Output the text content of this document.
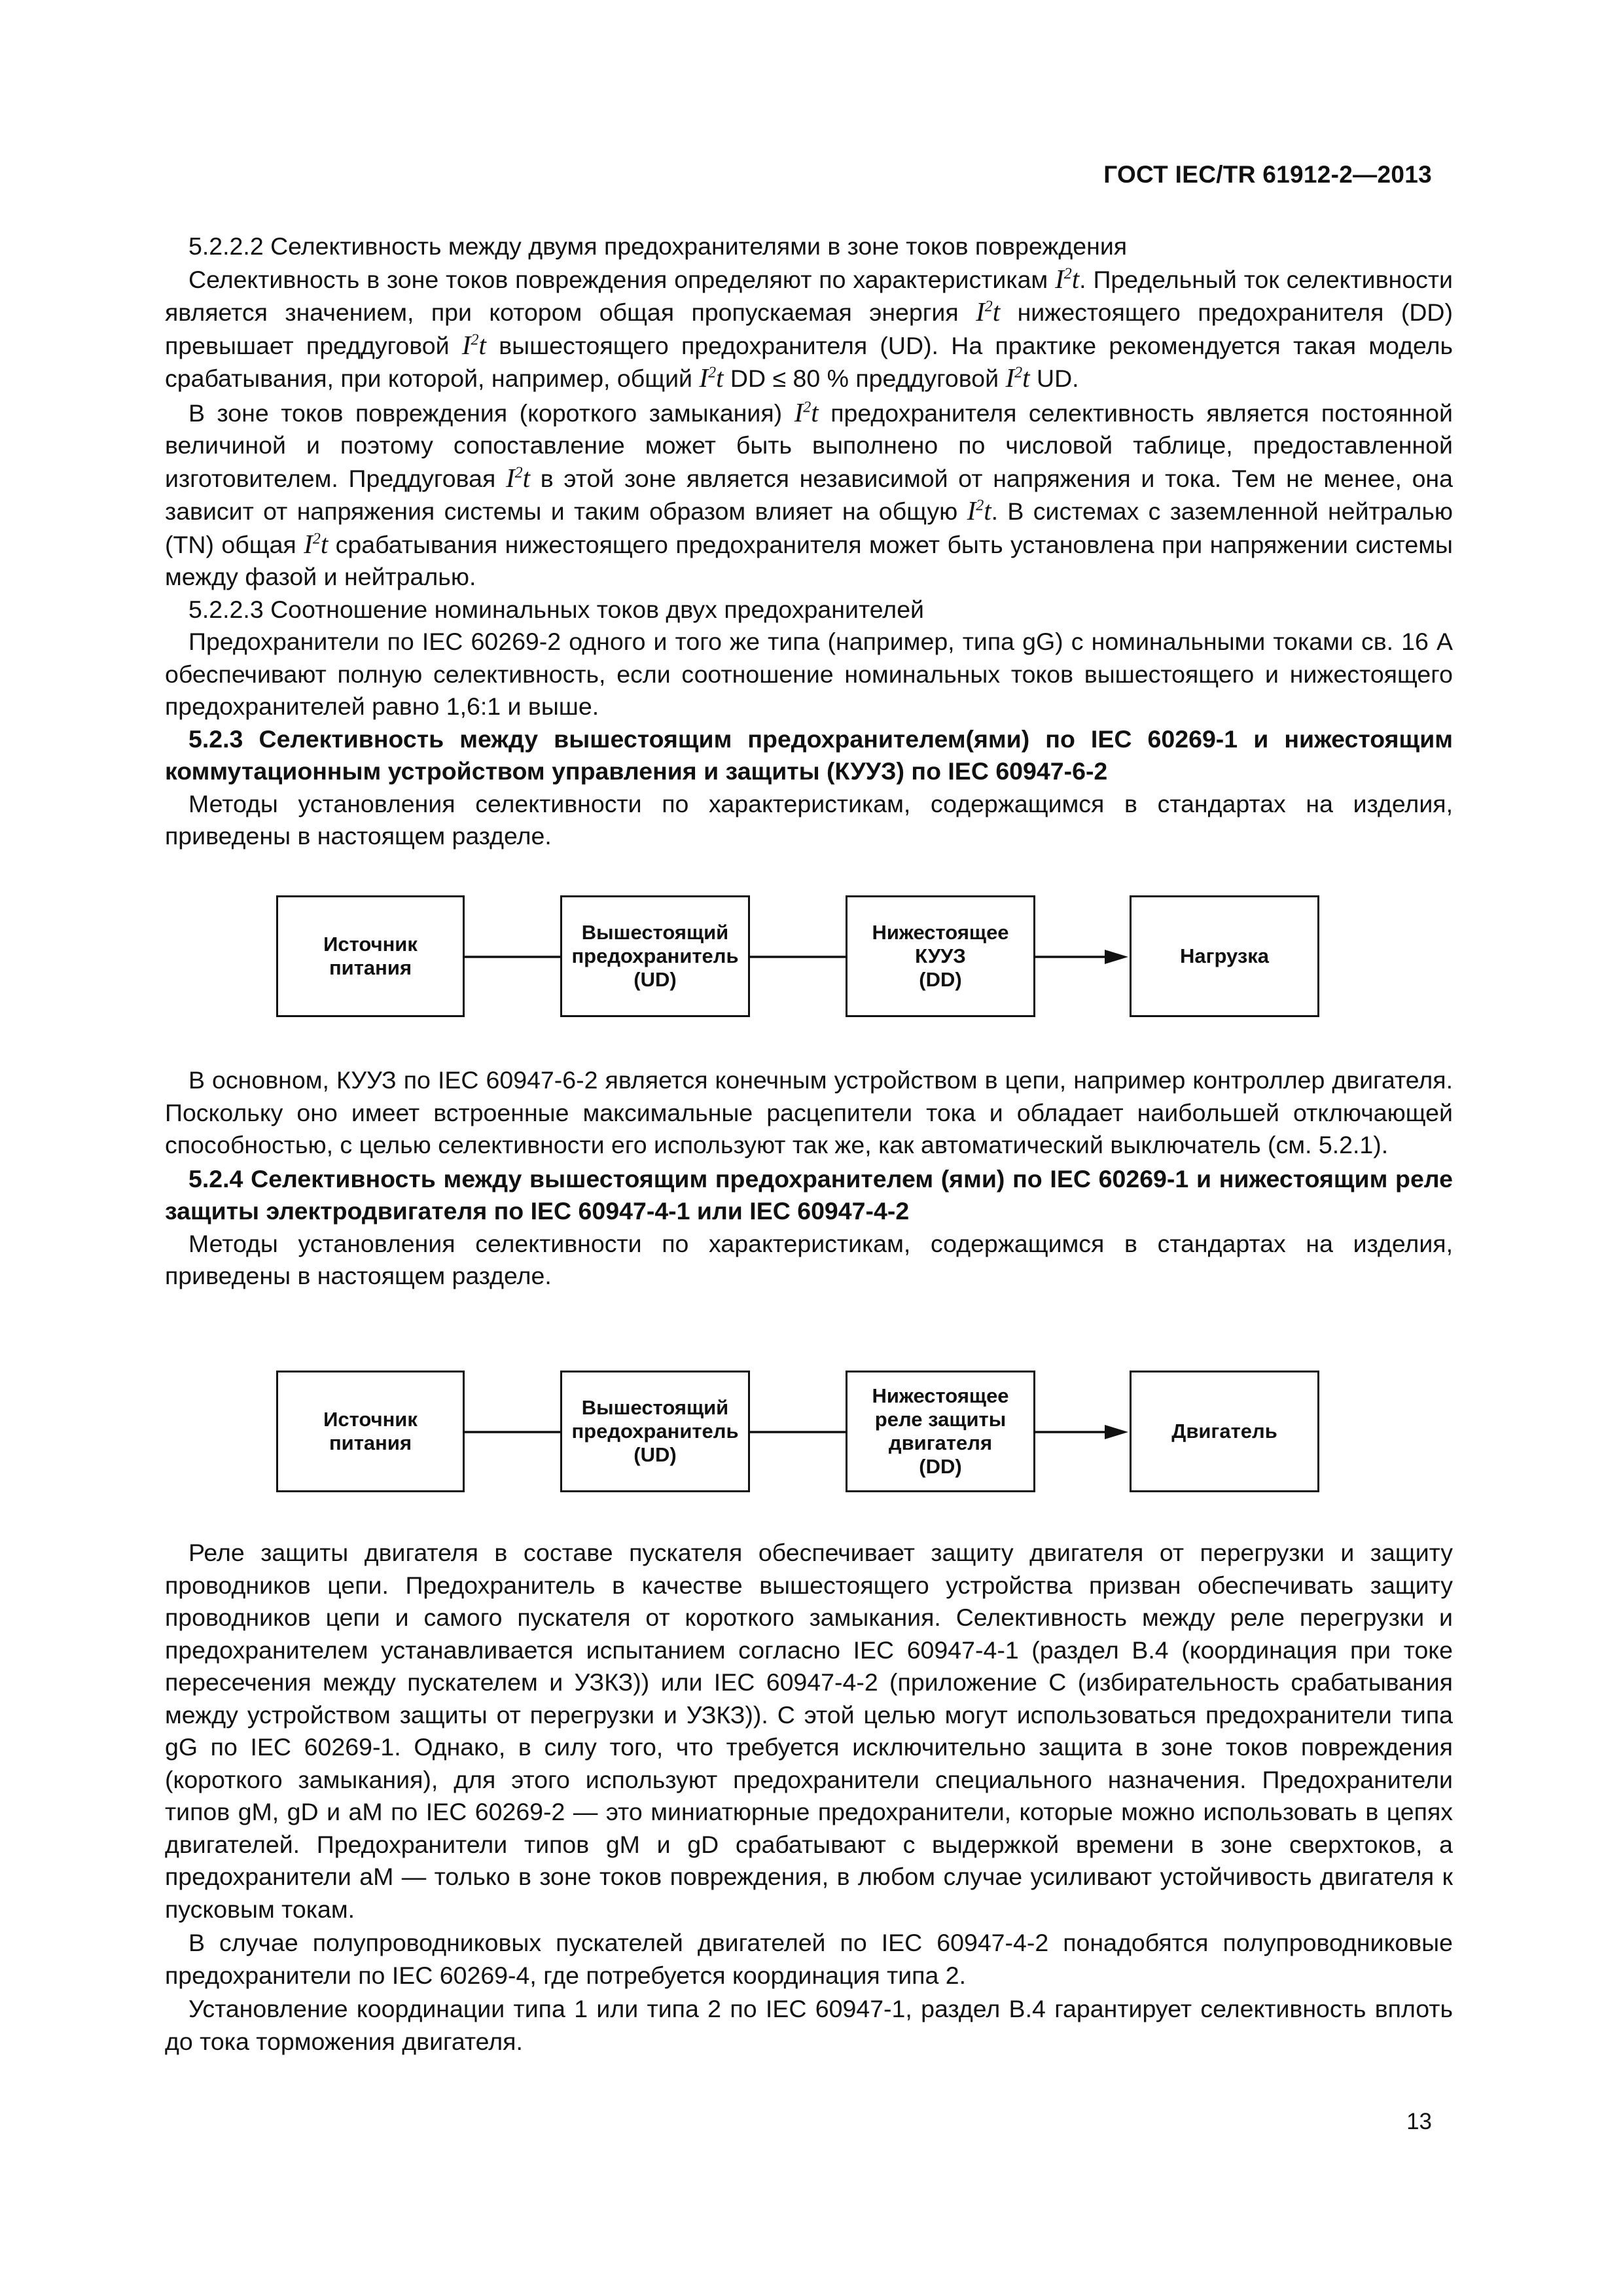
ГОСТ IEC/TR 61912-2—2013

5.2.2.2 Селективность между двумя предохранителями в зоне токов повреждения

Селективность в зоне токов повреждения определяют по характеристикам $I^2t$. Предельный ток селективности является значением, при котором общая пропускаемая энергия $I^2t$ нижестоящего предохранителя (DD) превышает преддуговой $I^2t$ вышестоящего предохранителя (UD). На практике рекомендуется такая модель срабатывания, при которой, например, общий $I^2t$ DD ≤ 80 % преддуговой $I^2t$ UD.

В зоне токов повреждения (короткого замыкания) $I^2t$ предохранителя селективность является постоянной величиной и поэтому сопоставление может быть выполнено по числовой таблице, предоставленной изготовителем. Преддуговая $I^2t$ в этой зоне является независимой от напряжения и тока. Тем не менее, она зависит от напряжения системы и таким образом влияет на общую $I^2t$. В системах с заземленной нейтралью (TN) общая $I^2t$ срабатывания нижестоящего предохранителя может быть установлена при напряжении системы между фазой и нейтралью.

5.2.2.3 Соотношение номинальных токов двух предохранителей

Предохранители по IEC 60269-2 одного и того же типа (например, типа gG) с номинальными токами св. 16 А обеспечивают полную селективность, если соотношение номинальных токов вышестоящего и нижестоящего предохранителей равно 1,6:1 и выше.

5.2.3 Селективность между вышестоящим предохранителем(ями) по IEC 60269-1 и нижестоящим коммутационным устройством управления и защиты (КУУЗ) по IEC 60947-6-2

Методы установления селективности по характеристикам, содержащимся в стандартах на изделия, приведены в настоящем разделе.

Источник
питания
Вышестоящий
предохранитель
(UD)
Нижестоящее
КУУЗ
(DD)
Нагрузка

В основном, КУУЗ по IEC 60947-6-2 является конечным устройством в цепи, например контроллер двигателя. Поскольку оно имеет встроенные максимальные расцепители тока и обладает наибольшей отключающей способностью, с целью селективности его используют так же, как автоматический выключатель (см. 5.2.1).

5.2.4 Селективность между вышестоящим предохранителем (ями) по IEC 60269-1 и нижестоящим реле защиты электродвигателя по IEC 60947-4-1 или IEC 60947-4-2

Методы установления селективности по характеристикам, содержащимся в стандартах на изделия, приведены в настоящем разделе.

Источник
питания
Вышестоящий
предохранитель
(UD)
Нижестоящее
реле защиты
двигателя
(DD)
Двигатель

Реле защиты двигателя в составе пускателя обеспечивает защиту двигателя от перегрузки и защиту проводников цепи. Предохранитель в качестве вышестоящего устройства призван обеспечивать защиту проводников цепи и самого пускателя от короткого замыкания. Селективность между реле перегрузки и предохранителем устанавливается испытанием согласно IEC 60947-4-1 (раздел B.4 (координация при токе пересечения между пускателем и УЗКЗ)) или IEC 60947-4-2 (приложение C (избирательность срабатывания между устройством защиты от перегрузки и УЗКЗ)). С этой целью могут использоваться предохранители типа gG по IEC 60269-1. Однако, в силу того, что требуется исключительно защита в зоне токов повреждения (короткого замыкания), для этого используют предохранители специального назначения. Предохранители типов gM, gD и aM по IEC 60269-2 — это миниатюрные предохранители, которые можно использовать в цепях двигателей. Предохранители типов gM и gD срабатывают с выдержкой времени в зоне сверхтоков, а предохранители aM — только в зоне токов повреждения, в любом случае усиливают устойчивость двигателя к пусковым токам.

В случае полупроводниковых пускателей двигателей по IEC 60947-4-2 понадобятся полупроводниковые предохранители по IEC 60269-4, где потребуется координация типа 2.

Установление координации типа 1 или типа 2 по IEC 60947-1, раздел B.4 гарантирует селективность вплоть до тока торможения двигателя.

13
